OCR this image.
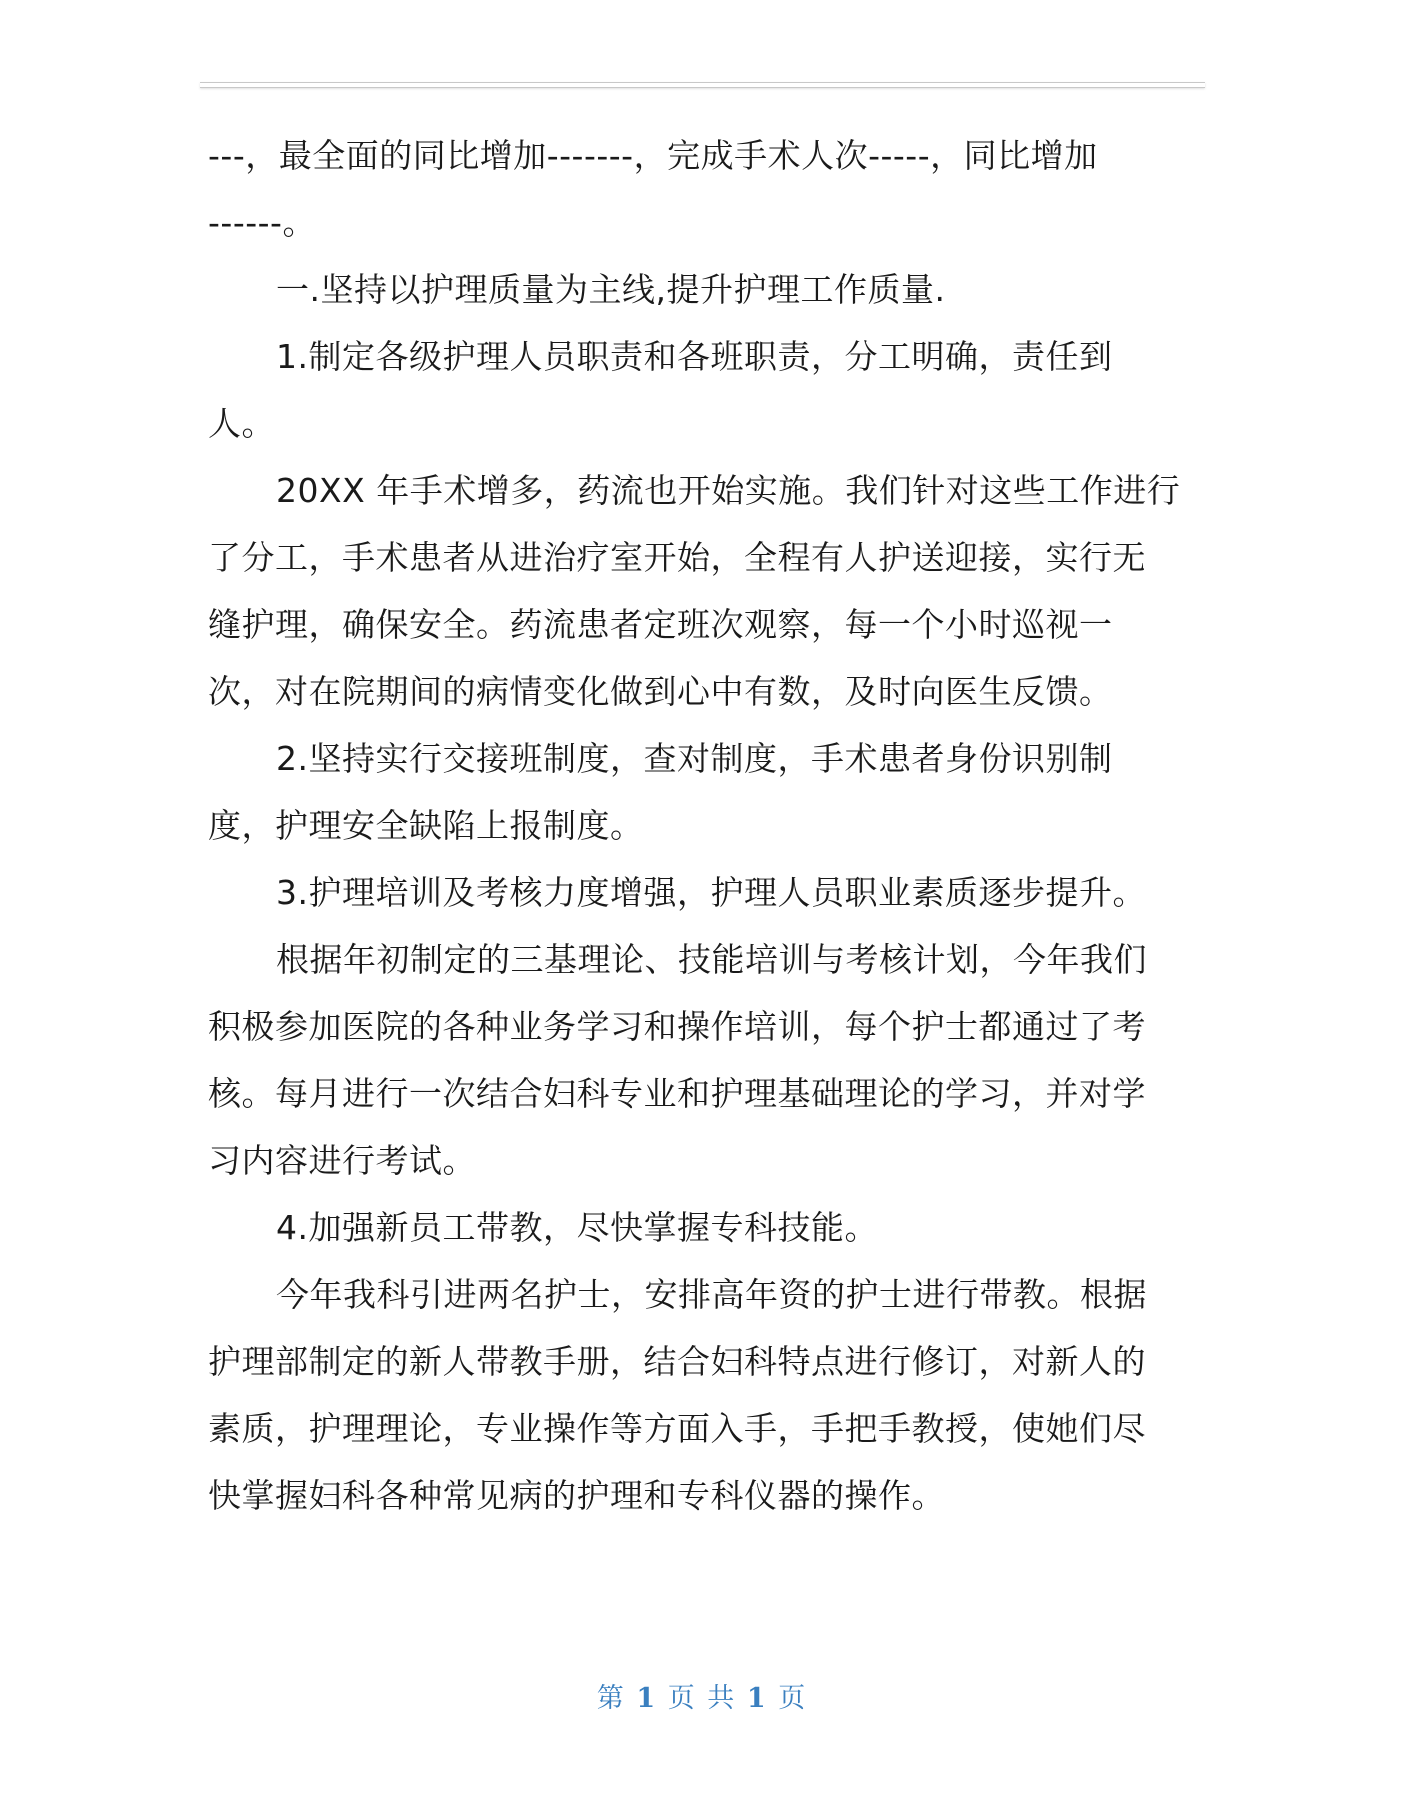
---，最全面的同比增加-------，完成手术人次-----，同比增加
------。

一.坚持以护理质量为主线,提升护理工作质量.

1.制定各级护理人员职责和各班职责，分工明确，责任到
人。

20XX 年手术增多，药流也开始实施。我们针对这些工作进行
了分工，手术患者从进治疗室开始，全程有人护送迎接，实行无
缝护理，确保安全。药流患者定班次观察，每一个小时巡视一
次，对在院期间的病情变化做到心中有数，及时向医生反馈。

2.坚持实行交接班制度，查对制度，手术患者身份识别制
度，护理安全缺陷上报制度。

3.护理培训及考核力度增强，护理人员职业素质逐步提升。

根据年初制定的三基理论、技能培训与考核计划，今年我们
积极参加医院的各种业务学习和操作培训，每个护士都通过了考
核。每月进行一次结合妇科专业和护理基础理论的学习，并对学
习内容进行考试。

4.加强新员工带教，尽快掌握专科技能。

今年我科引进两名护士，安排高年资的护士进行带教。根据
护理部制定的新人带教手册，结合妇科特点进行修订，对新人的
素质，护理理论，专业操作等方面入手，手把手教授，使她们尽
快掌握妇科各种常见病的护理和专科仪器的操作。

第 1 页 共 1 页
